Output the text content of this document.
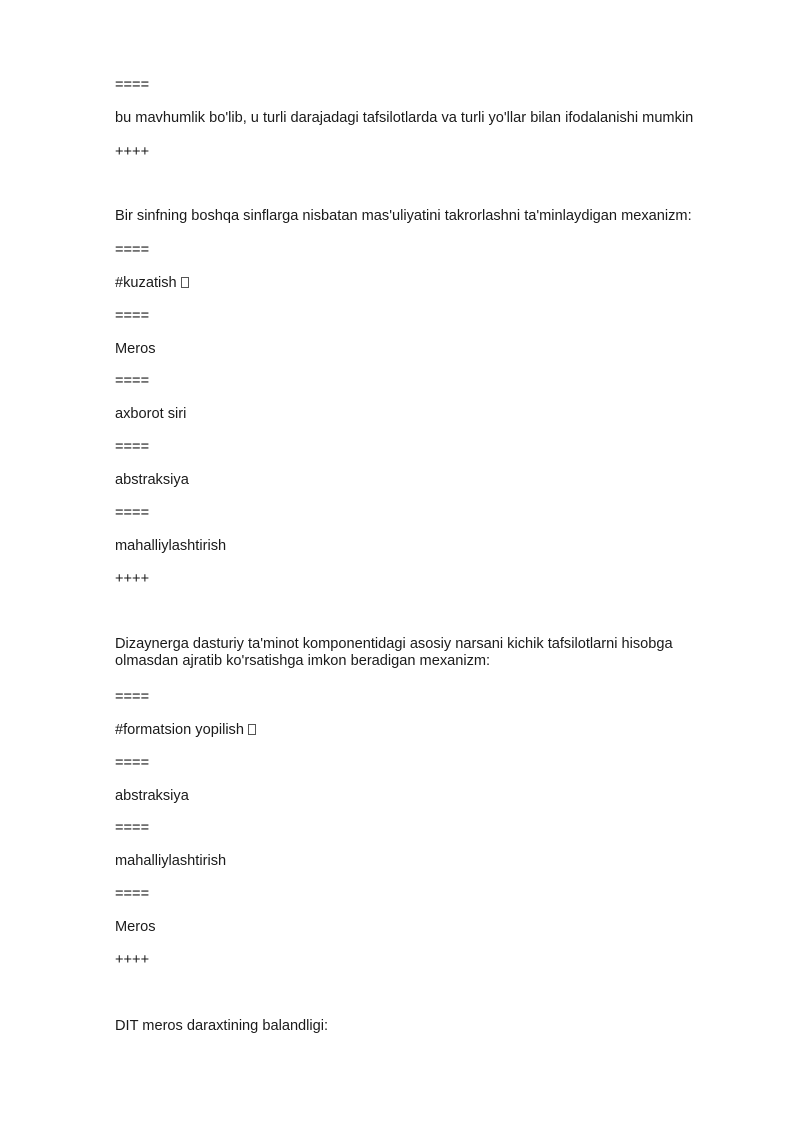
====
bu mavhumlik bo'lib, u turli darajadagi tafsilotlarda va turli yo'llar bilan ifodalanishi mumkin
++++
Bir sinfning boshqa sinflarga nisbatan mas'uliyatini takrorlashni ta'minlaydigan mexanizm:
====
#kuzatish
====
Meros
====
axborot siri
====
abstraksiya
====
mahalliylashtirish
++++
Dizaynerga dasturiy ta'minot komponentidagi asosiy narsani kichik tafsilotlarni hisobga olmasdan ajratib ko'rsatishga imkon beradigan mexanizm:
====
#formatsion yopilish
====
abstraksiya
====
mahalliylashtirish
====
Meros
++++
DIT meros daraxtining balandligi:
